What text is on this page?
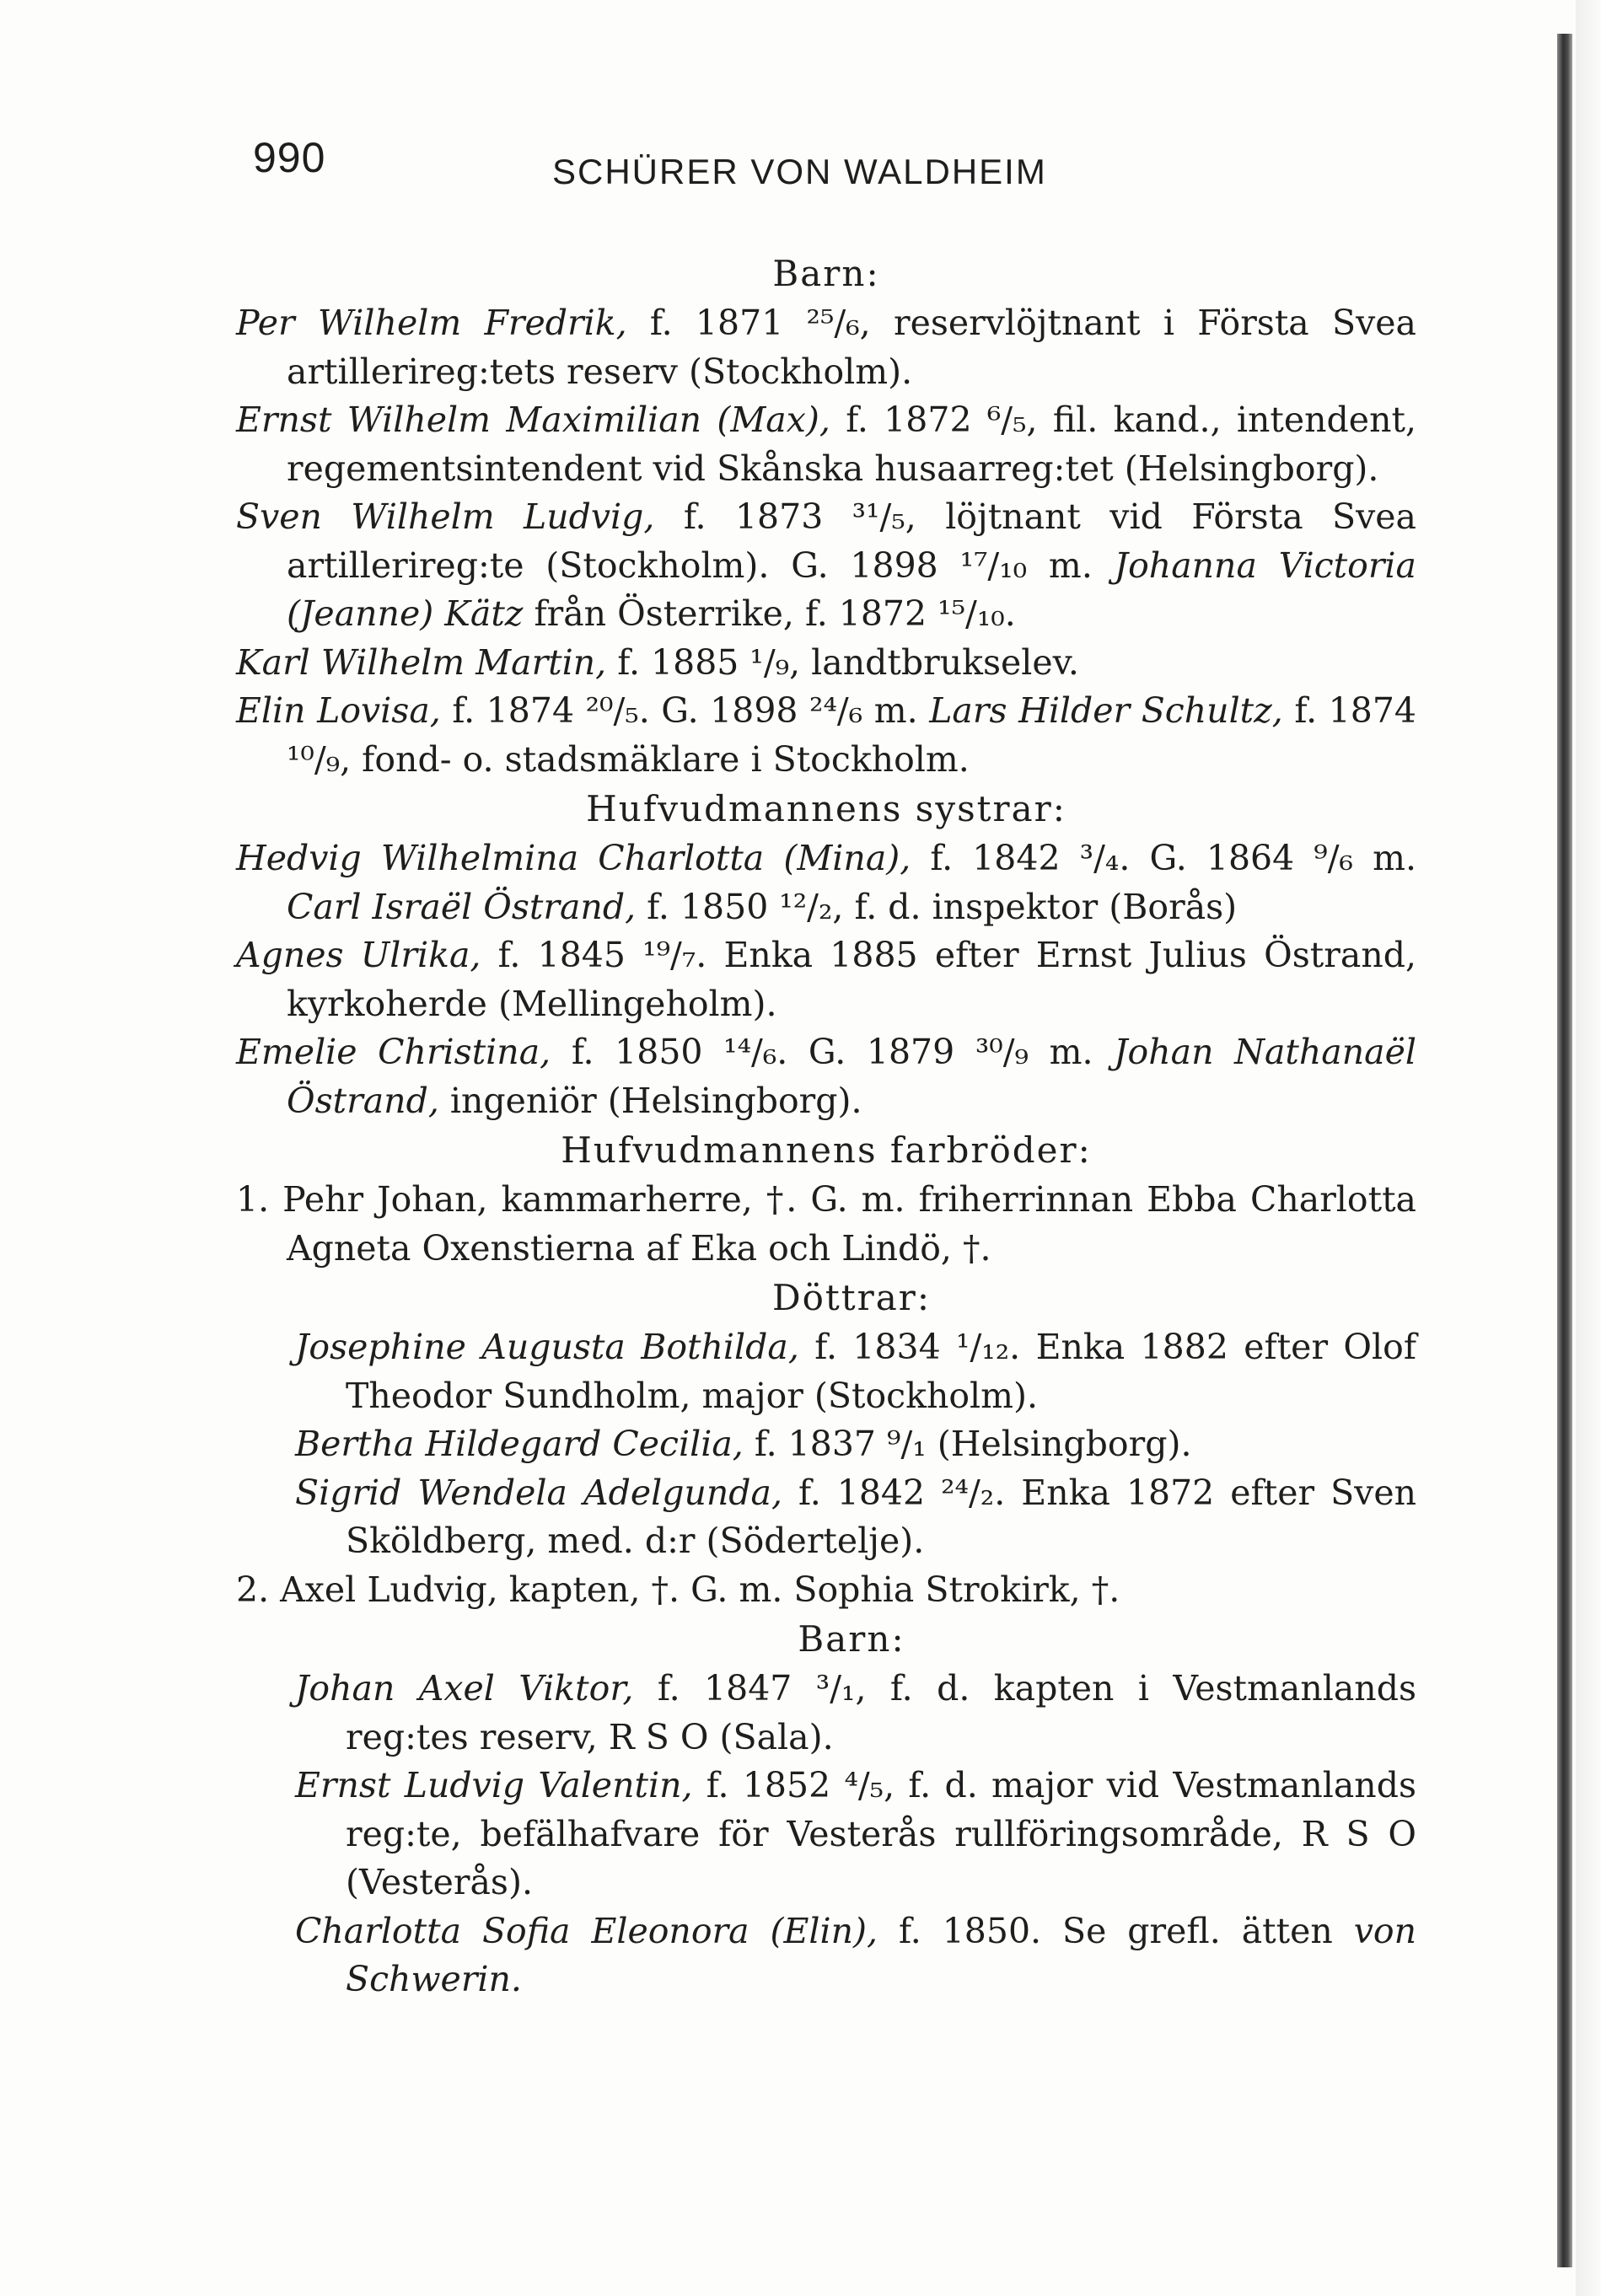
990	SCHÜRER VON WALDHEIM
Barn:

Per Wilhelm Fredrik, f. 1871 ²⁵/₆, reservlöjtnant i Första Svea artillerireg:tets reserv (Stockholm).

Ernst Wilhelm Maximilian (Max), f. 1872 ⁶/₅, fil. kand., intendent, regementsintendent vid Skånska husaarreg:tet (Helsingborg).

Sven Wilhelm Ludvig, f. 1873 ³¹/₅, löjtnant vid Första Svea artillerireg:te (Stockholm). G. 1898 ¹⁷/₁₀ m. Johanna Victoria (Jeanne) Kätz från Österrike, f. 1872 ¹⁵/₁₀.

Karl Wilhelm Martin, f. 1885 ¹/₉, landtbrukselev.

Elin Lovisa, f. 1874 ²⁰/₅. G. 1898 ²⁴/₆ m. Lars Hilder Schultz, f. 1874 ¹⁰/₉, fond- o. stadsmäklare i Stockholm.

Hufvudmannens systrar:

Hedvig Wilhelmina Charlotta (Mina), f. 1842 ³/₄. G. 1864 ⁹/₆ m. Carl Israël Östrand, f. 1850 ¹²/₂, f. d. inspektor (Borås)

Agnes Ulrika, f. 1845 ¹⁹/₇. Enka 1885 efter Ernst Julius Östrand, kyrkoherde (Mellingeholm).

Emelie Christina, f. 1850 ¹⁴/₆. G. 1879 ³⁰/₉ m. Johan Nathanaël Östrand, ingeniör (Helsingborg).

Hufvudmannens farbröder:

1. Pehr Johan, kammarherre, †. G. m. friherrinnan Ebba Charlotta Agneta Oxenstierna af Eka och Lindö, †.

Döttrar:

Josephine Augusta Bothilda, f. 1834 ¹/₁₂. Enka 1882 efter Olof Theodor Sundholm, major (Stockholm).

Bertha Hildegard Cecilia, f. 1837 ⁹/₁ (Helsingborg).

Sigrid Wendela Adelgunda, f. 1842 ²⁴/₂. Enka 1872 efter Sven Sköldberg, med. d:r (Södertelje).

2. Axel Ludvig, kapten, †. G. m. Sophia Strokirk, †.

Barn:

Johan Axel Viktor, f. 1847 ³/₁, f. d. kapten i Vestmanlands reg:tes reserv, R S O (Sala).

Ernst Ludvig Valentin, f. 1852 ⁴/₅, f. d. major vid Vestmanlands reg:te, befälhafvare för Vesterås rullföringsområde, R S O (Vesterås).

Charlotta Sofia Eleonora (Elin), f. 1850. Se grefl. ätten von Schwerin.
